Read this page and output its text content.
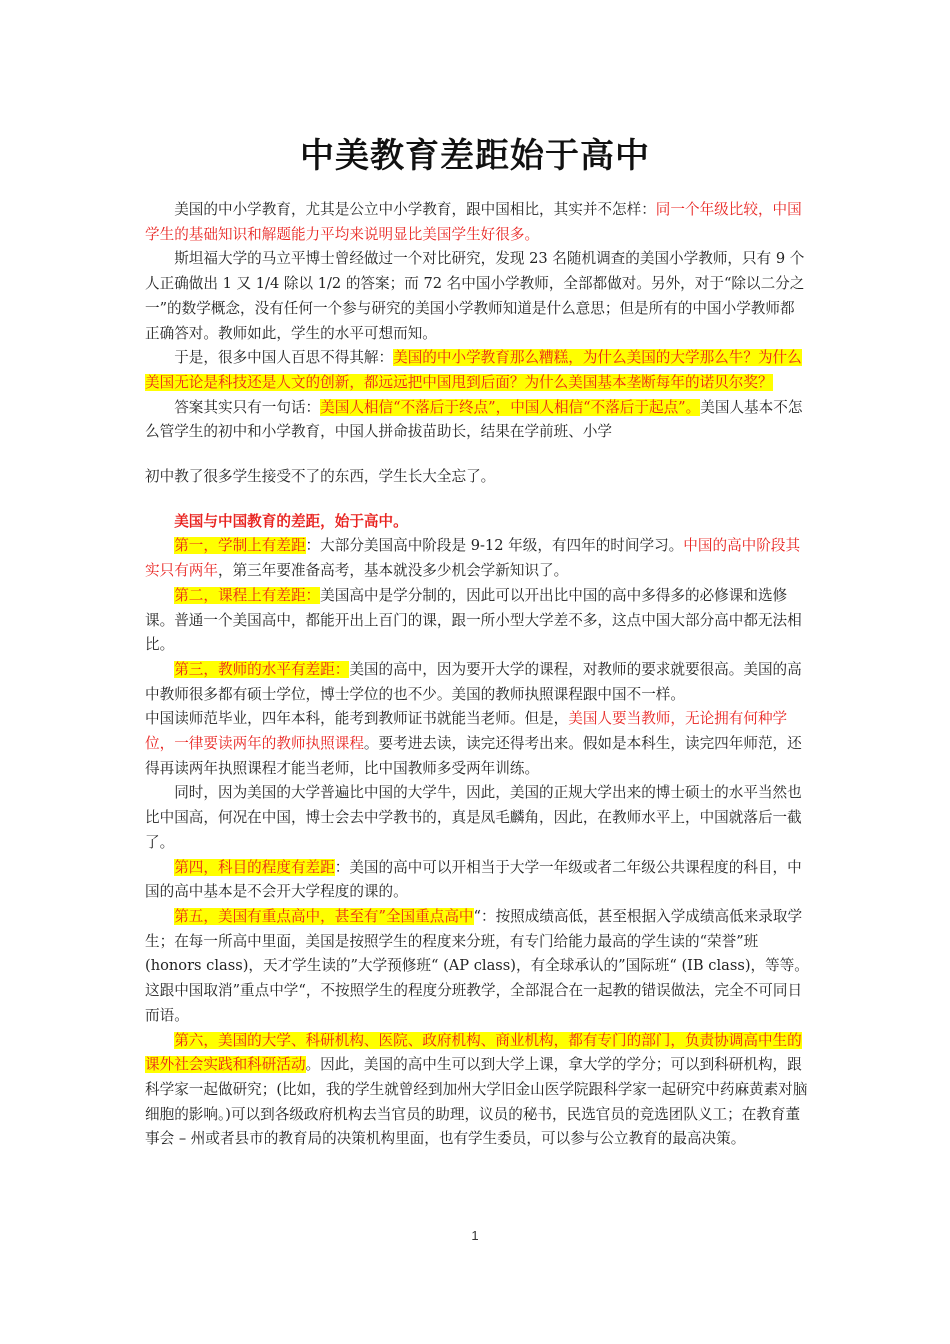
中美教育差距始于高中

美国的中小学教育，尤其是公立中小学教育，跟中国相比，其实并不怎样：同一个年级比较，中国学生的基础知识和解题能力平均来说明显比美国学生好很多。

斯坦福大学的马立平博士曾经做过一个对比研究，发现 23 名随机调查的美国小学教师，只有 9 个人正确做出 1 又 1/4 除以 1/2 的答案；而 72 名中国小学教师，全部都做对。另外，对于“除以二分之一”的数学概念，没有任何一个参与研究的美国小学教师知道是什么意思；但是所有的中国小学教师都正确答对。教师如此，学生的水平可想而知。

于是，很多中国人百思不得其解：美国的中小学教育那么糟糕，为什么美国的大学那么牛？为什么美国无论是科技还是人文的创新，都远远把中国甩到后面？为什么美国基本垄断每年的诺贝尔奖？

答案其实只有一句话：美国人相信“不落后于终点”，中国人相信“不落后于起点”。美国人基本不怎么管学生的初中和小学教育，中国人拼命拔苗助长，结果在学前班、小学

初中教了很多学生接受不了的东西，学生长大全忘了。

美国与中国教育的差距，始于高中。

第一，学制上有差距：大部分美国高中阶段是 9-12 年级，有四年的时间学习。中国的高中阶段其实只有两年，第三年要准备高考，基本就没多少机会学新知识了。

第二，课程上有差距：美国高中是学分制的，因此可以开出比中国的高中多得多的必修课和选修课。普通一个美国高中，都能开出上百门的课，跟一所小型大学差不多，这点中国大部分高中都无法相比。

第三，教师的水平有差距：美国的高中，因为要开大学的课程，对教师的要求就要很高。美国的高中教师很多都有硕士学位，博士学位的也不少。美国的教师执照课程跟中国不一样。

中国读师范毕业，四年本科，能考到教师证书就能当老师。但是，美国人要当教师，无论拥有何种学位，一律要读两年的教师执照课程。要考进去读，读完还得考出来。假如是本科生，读完四年师范，还得再读两年执照课程才能当老师，比中国教师多受两年训练。

同时，因为美国的大学普遍比中国的大学牛，因此，美国的正规大学出来的博士硕士的水平当然也比中国高，何况在中国，博士会去中学教书的，真是凤毛麟角，因此，在教师水平上，中国就落后一截了。

第四，科目的程度有差距：美国的高中可以开相当于大学一年级或者二年级公共课程度的科目，中国的高中基本是不会开大学程度的课的。

第五，美国有重点高中，甚至有”全国重点高中“：按照成绩高低，甚至根据入学成绩高低来录取学生；在每一所高中里面，美国是按照学生的程度来分班，有专门给能力最高的学生读的“荣誉”班(honors class)，天才学生读的”大学预修班“ (AP class)，有全球承认的”国际班“ (IB class)，等等。这跟中国取消”重点中学“，不按照学生的程度分班教学，全部混合在一起教的错误做法，完全不可同日而语。

第六，美国的大学、科研机构、医院、政府机构、商业机构，都有专门的部门，负责协调高中生的课外社会实践和科研活动。因此，美国的高中生可以到大学上课，拿大学的学分；可以到科研机构，跟科学家一起做研究；(比如，我的学生就曾经到加州大学旧金山医学院跟科学家一起研究中药麻黄素对脑细胞的影响。)可以到各级政府机构去当官员的助理，议员的秘书，民选官员的竞选团队义工；在教育董事会 – 州或者县市的教育局的决策机构里面，也有学生委员，可以参与公立教育的最高决策。

1
